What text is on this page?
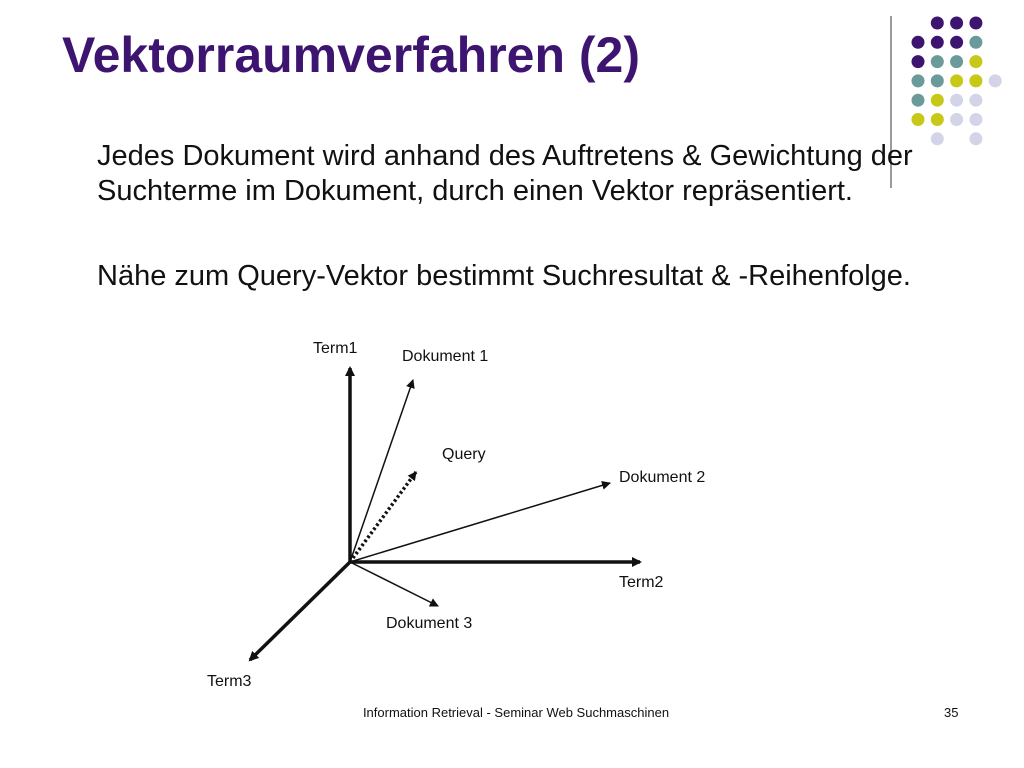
Vektorraumverfahren (2)
Jedes Dokument wird anhand des Auftretens & Gewichtung der Suchterme im Dokument, durch einen Vektor repräsentiert.
Nähe zum Query-Vektor bestimmt Suchresultat & -Reihenfolge.
Term1
Term2
Term3
Dokument 1
Dokument 2
Dokument 3
Query
Information Retrieval - Seminar Web Suchmaschinen	35
